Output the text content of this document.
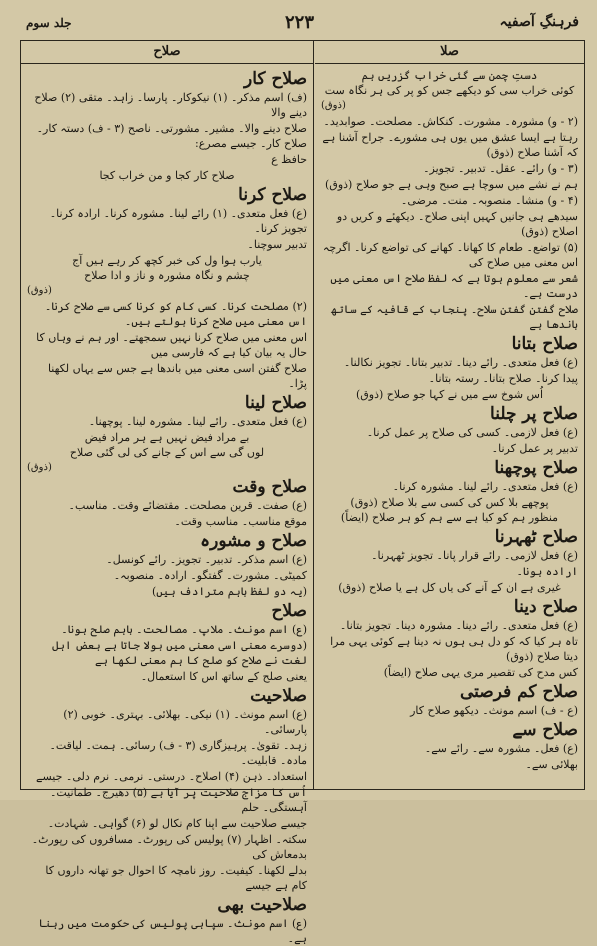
جلد سوم	۲۲۳	فرہنگِ آصفیہ
صلاح
صلاح کار
(ف) اسم مذکر۔ (۱) نیکوکار۔ پارسا۔ زاہد۔ متقی (۲) صلاح دینے والا
صلاح دینے والا۔ مشیر۔ مشورتی۔ ناصح (۳ - ف) دستہ کار۔ صلاح کار۔ جیسے مصرع:
حافظ ع
صلاح کار کجا و من خراب کجا
صلاح کرنا
(ع) فعل متعدی۔ (۱) رائے لینا۔ مشورہ کرنا۔ ارادہ کرنا۔ تجویز کرنا۔
تدبیر سوچنا۔
یارب ہوا ول کی خبر کچھ کر رہے ہیں آج
چشم و نگاہ مشورہ و ناز و ادا صلاح
(ذوق)
(۲) مصلحت کرنا۔ کسی کام کو کرنا کسی سے صلاح کرنا۔ اس معنی میں صلاح کرنا بولتے ہیں۔
اس معنی میں صلاح کرنا نہیں سمجھتے۔ اور ہم نے وہاں کا حال یہ بیان کیا ہے کہ فارسی میں
صلاح گفتن اسی معنی میں باندھا ہے جس سے یہاں لکھنا پڑا۔
صلاح لینا
(ع) فعل متعدی۔ رائے لینا۔ مشورہ لینا۔ پوچھنا۔
بے مراد فیض نہیں ہے ہر مراد فیض
لوں گی سے اس کے جانے کی لی گئی صلاح
(ذوق)
صلاح وقت
(ع) صفت۔ قرین مصلحت۔ مقتضائے وقت۔ مناسب۔
موقع مناسب۔ مناسب وقت۔
صلاح و مشورہ
(ع) اسم مذکر۔ تدبیر۔ تجویز۔ رائے کونسل۔
کمیٹی۔ مشورت۔ گفتگو۔ ارادہ۔ منصوبہ۔
(یہ دو لفظ باہم مترادف ہیں)
صلاح
(ع) اسم مونث۔ ملاپ۔ مصالحت۔ باہم صلح ہونا۔
(دوسرے معنی اسی معنی میں بولا جاتا ہے بعض اہل لغت نے صلاح کو صلح کا ہم معنی لکھا ہے
یعنی صلح کے ساتھ اس کا استعمال۔
صلاحیت
(ع) اسم مونث۔ (۱) نیکی۔ بھلائی۔ بہتری۔ خوبی (۲) پارسائی۔
زہد۔ تقویٰ۔ پرہیزگاری (۳ - ف) رسائی۔ ہمت۔ لیاقت۔ مادہ۔ قابلیت۔
استعداد۔ ذہن (۴) اصلاح۔ درستی۔ نرمی۔ نرم دلی۔ جیسے
اُس کا مزاج صلاحیت پر آیا ہے (۵) دھیرج۔ طمانیت۔ آہستگی۔ حلم
جیسے صلاحیت سے اپنا کام نکال لو (۶) گواہی۔ شہادت۔
سکتہ۔ اظہار (۷) پولیس کی رپورٹ۔ مسافروں کی رپورٹ۔ بدمعاش کی
بدلے لکھنا۔ کیفیت۔ روز نامچہ کا احوال جو تھانہ داروں کا کام ہے جیسے
صلاحیت بھی
(ع) اسم مونث۔ سپاہی پولیس کی حکومت میں رہنا ہے۔
صلا
دستِ چمن سے گئی خراب گزریں ہم
کوئی خراب سی کو دیکھے جس کو پر کی ہر نگاہ ست
(ذوق)
(۲ - و) مشورہ۔ مشورت۔ کنکاش۔ مصلحت۔ صوابدید۔
رہتا ہے ایسا عشق میں یوں ہی مشورے۔ جراح آشنا ہے کہ آشنا صلاح (ذوق)
(۳ - و) رائے۔ عقل۔ تدبیر۔ تجویز۔
ہم نے نشے میں سوچا ہے صبح وہی ہے جو صلاح (ذوق)
(۴ - و) منشا۔ منصوبہ۔ منت۔ مرضی۔
سیدھے ہی جانیں کہیں اپنی صلاح۔ دیکھئے و کریں دو اصلاح (ذوق)
(۵) تواضع۔ طعام کا کھانا۔ کھانے کی تواضع کرنا۔ اگرچہ اس معنی میں صلاح کی
شعر سے معلوم ہوتا ہے کہ لفظ صلاح اس معنی میں درست ہے۔
صلاح گفتن گفتن سلاح۔ پنجاب کے قافیہ کے ساتھ باندھا ہے
صلاح بتانا
(ع) فعل متعدی۔ رائے دینا۔ تدبیر بتانا۔ تجویز نکالنا۔
پیدا کرنا۔ صلاح بتانا۔ رستہ بتانا۔
اُس شوخ سے میں نے کہا جو صلاح (ذوق)
صلاح پر چلنا
(ع) فعل لازمی۔ کسی کی صلاح پر عمل کرنا۔
تدبیر پر عمل کرنا۔
صلاح پوچھنا
(ع) فعل متعدی۔ رائے لینا۔ مشورہ کرنا۔
پوچھے بلا کس کی کسی سے بلا صلاح (ذوق)
منظور ہم کو کیا ہے سے ہم کو ہر صلاح (ایضاً)
صلاح ٹھہرنا
(ع) فعل لازمی۔ رائے قرار پانا۔ تجویز ٹھہرنا۔
ارادہ ہونا۔
غیری ہے ان کے آنے کی یاں کل ہے یا صلاح (ذوق)
صلاح دینا
(ع) فعل متعدی۔ رائے دینا۔ مشورہ دینا۔ تجویز بتانا۔
تاہ ہر کیا کہ کو دل ہی ہوں نہ دینا ہے کوئی یہی مرا دیتا صلاح (ذوق)
کس مدح کی تقصیر مری یہی صلاح (ایضاً)
صلاح کم فرصتی
(ع - ف) اسم مونث۔ دیکھو صلاح کار
صلاح سے
(ع) فعل۔ مشورہ سے۔ رائے سے۔
بھلائی سے۔
